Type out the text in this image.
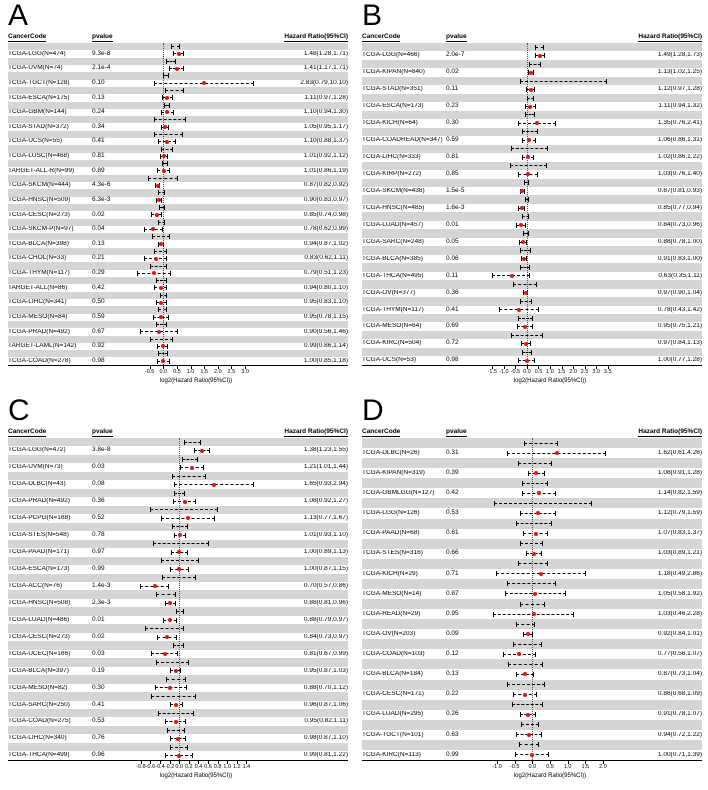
A
CancerCode	pvalue	Hazard Ratio(95%CI)
TCGA-LGG(N=474)	9.3e-8	1.48(1.28,1.71)
TCGA-UVM(N=74)	2.1e-4	1.41(1.17,1.71)
TCGA-TGCT(N=128)	0.10	2.83(0.79,10.10)
TCGA-ESCA(N=175)	0.13	1.11(0.97,1.28)
TCGA-GBM(N=144)	0.24	1.10(0.94,1.30)
TCGA-STAD(N=372)	0.34	1.05(0.95,1.17)
TCGA-UCS(N=55)	0.41	1.10(0.88,1.37)
TCGA-LUSC(N=468)	0.81	1.01(0.92,1.12)
TARGET-ALL-R(N=99)	0.89	1.01(0.86,1.19)
TCGA-SKCM(N=444)	4.3e-6	0.87(0.82,0.92)
TCGA-HNSC(N=509)	6.3e-3	0.90(0.83,0.97)
TCGA-CESC(N=273)	0.02	0.85(0.74,0.98)
TCGA-SKCM-P(N=97)	0.04	0.78(0.62,0.99)
TCGA-BLCA(N=398)	0.13	0.94(0.87,1.02)
TCGA-CHOL(N=33)	0.21	0.83(0.62,1.11)
TCGA-THYM(N=117)	0.29	0.79(0.51,1.23)
TARGET-ALL(N=86)	0.42	0.94(0.80,1.10)
TCGA-LIHC(N=341)	0.50	0.95(0.83,1.10)
TCGA-MESO(N=84)	0.59	0.95(0.78,1.15)
TCGA-PRAD(N=492)	0.67	0.90(0.56,1.46)
TARGET-LAML(N=142)	0.92	0.99(0.86,1.14)
TCGA-COAD(N=278)	0.98	1.00(0.85,1.18)
-0.5 0.0 0.5 1.0 1.5 2.0 2.5 3.0
log2(Hazard Ratio(95%CI))
B
CancerCode	pvalue	Hazard Ratio(95%CI)
TCGA-LGG(N=466)	2.0e-7	1.49(1.28,1.73)
TCGA-KIPAN(N=840)	0.02	1.13(1.02,1.25)
TCGA-STAD(N=351)	0.11	1.12(0.97,1.28)
TCGA-ESCA(N=173)	0.23	1.11(0.94,1.32)
TCGA-KICH(N=64)	0.30	1.35(0.76,2.41)
TCGA-COADREAD(N=347) 0.59	1.06(0.86,1.31)
TCGA-LIHC(N=333)	0.81	1.02(0.86,1.22)
TCGA-KIRP(N=272)	0.85	1.03(0.76,1.40)
TCGA-SKCM(N=438)	1.5e-5	0.87(0.81,0.93)
TCGA-HNSC(N=485)	1.6e-3	0.85(0.77,0.94)
TCGA-LUAD(N=457)	0.01	0.84(0.73,0.96)
TCGA-SARC(N=248)	0.05	0.88(0.78,1.00)
TCGA-BLCA(N=385)	0.06	0.91(0.83,1.00)
TCGA-THCA(N=495)	0.11	0.63(0.35,1.11)
TCGA-OV(N=377)	0.36	0.97(0.90,1.04)
TCGA-THYM(N=117)	0.41	0.78(0.43,1.42)
TCGA-MESO(N=64)	0.69	0.95(0.75,1.21)
TCGA-KIRC(N=504)	0.72	0.97(0.84,1.13)
TCGA-UCS(N=53)	0.98	1.00(0.77,1.28)
-1.5 -1.0 -0.5 0.0 0.5 1.0 1.5 2.0 2.5 3.0 3.5
log2(Hazard Ratio(95%CI))
C
CancerCode	pvalue	Hazard Ratio(95%CI)
TCGA-LGG(N=472)	3.8e-8	1.38(1.23,1.55)
TCGA-UVM(N=73)	0.03	1.21(1.01,1.44)
TCGA-DLBC(N=43)	0.08	1.65(0.93,2.94)
TCGA-PRAD(N=492)	0.36	1.08(0.92,1.27)
TCGA-PCPG(N=168)	0.52	1.13(0.77,1.67)
TCGA-STES(N=548)	0.78	1.01(0.93,1.10)
TCGA-PAAD(N=171)	0.97	1.00(0.89,1.13)
TCGA-ESCA(N=173)	0.99	1.00(0.87,1.15)
TCGA-ACC(N=76)	1.4e-3	0.70(0.57,0.86)
TCGA-HNSC(N=508)	2.3e-3	0.88(0.81,0.96)
TCGA-LUAD(N=486)	0.01	0.88(0.79,0.97)
TCGA-CESC(N=273)	0.02	0.84(0.73,0.97)
TCGA-UCEC(N=166)	0.03	0.81(0.67,0.99)
TCGA-BLCA(N=397)	0.19	0.95(0.87,1.03)
TCGA-MESO(N=82)	0.30	0.88(0.70,1.12)
TCGA-SARC(N=250)	0.41	0.96(0.87,1.06)
TCGA-COAD(N=275)	0.53	0.95(0.82,1.11)
TCGA-LIHC(N=340)	0.76	0.98(0.87,1.10)
TCGA-THCA(N=499)	0.96	0.99(0.81,1.22)
-0.8 -0.6 -0.4 -0.2 0.0 0.2 0.4 0.6 0.8 1.0 1.2 1.4
log2(Hazard Ratio(95%CI))
D
CancerCode	pvalue	Hazard Ratio(95%CI)
TCGA-DLBC(N=26)	0.31	1.62(0.61,4.26)
TCGA-KIPAN(N=319)	0.39	1.08(0.91,1.28)
TCGA-GBMLGG(N=127)	0.42	1.14(0.82,1.59)
TCGA-LGG(N=126)	0.53	1.12(0.79,1.59)
TCGA-PAAD(N=68)	0.61	1.07(0.83,1.37)
TCGA-STES(N=316)	0.66	1.03(0.89,1.21)
TCGA-KICH(N=29)	0.71	1.18(0.49,2.86)
TCGA-MESO(N=14)	0.87	1.05(0.58,1.92)
TCGA-READ(N=29)	0.95	1.03(0.46,2.28)
TCGA-OV(N=203)	0.09	0.92(0.84,1.01)
TCGA-COAD(N=103)	0.12	0.77(0.56,1.07)
TCGA-BLCA(N=184)	0.13	0.87(0.73,1.04)
TCGA-CESC(N=171)	0.22	0.86(0.68,1.09)
TCGA-LUAD(N=295)	0.26	0.91(0.78,1.07)
TCGA-TGCT(N=101)	0.63	0.94(0.72,1.22)
TCGA-KIRC(N=113)	0.99	1.00(0.71,1.39)
-1.0 -0.5 0.0 0.5 1.0 1.5 2.0
log2(Hazard Ratio(95%CI))
